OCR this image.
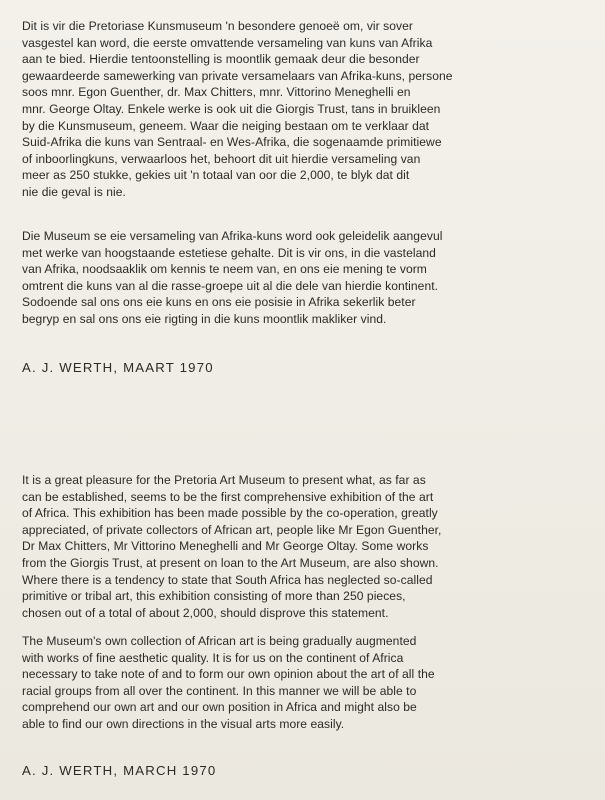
Dit is vir die Pretoriase Kunsmuseum 'n besondere genoeë om, vir sover
vasgestel kan word, die eerste omvattende versameling van kuns van Afrika
aan te bied. Hierdie tentoonstelling is moontlik gemaak deur die besonder
gewaardeerde samewerking van private versamelaars van Afrika-kuns, persone
soos mnr. Egon Guenther, dr. Max Chitters, mnr. Vittorino Meneghelli en
mnr. George Oltay. Enkele werke is ook uit die Giorgis Trust, tans in bruikleen
by die Kunsmuseum, geneem. Waar die neiging bestaan om te verklaar dat
Suid-Afrika die kuns van Sentraal- en Wes-Afrika, die sogenaamde primitiewe
of inboorlingkuns, verwaarloos het, behoort dit uit hierdie versameling van
meer as 250 stukke, gekies uit 'n totaal van oor die 2,000, te blyk dat dit
nie die geval is nie.

Die Museum se eie versameling van Afrika-kuns word ook geleidelik aangevul
met werke van hoogstaande estetiese gehalte. Dit is vir ons, in die vasteland
van Afrika, noodsaaklik om kennis te neem van, en ons eie mening te vorm
omtrent die kuns van al die rasse-groepe uit al die dele van hierdie kontinent.
Sodoende sal ons ons eie kuns en ons eie posisie in Afrika sekerlik beter
begryp en sal ons ons eie rigting in die kuns moontlik makliker vind.

A. J. WERTH, MAART 1970

It is a great pleasure for the Pretoria Art Museum to present what, as far as
can be established, seems to be the first comprehensive exhibition of the art
of Africa. This exhibition has been made possible by the co-operation, greatly
appreciated, of private collectors of African art, people like Mr Egon Guenther,
Dr Max Chitters, Mr Vittorino Meneghelli and Mr George Oltay. Some works
from the Giorgis Trust, at present on loan to the Art Museum, are also shown.
Where there is a tendency to state that South Africa has neglected so-called
primitive or tribal art, this exhibition consisting of more than 250 pieces,
chosen out of a total of about 2,000, should disprove this statement.

The Museum's own collection of African art is being gradually augmented
with works of fine aesthetic quality. It is for us on the continent of Africa
necessary to take note of and to form our own opinion about the art of all the
racial groups from all over the continent. In this manner we will be able to
comprehend our own art and our own position in Africa and might also be
able to find our own directions in the visual arts more easily.

A. J. WERTH, MARCH 1970
